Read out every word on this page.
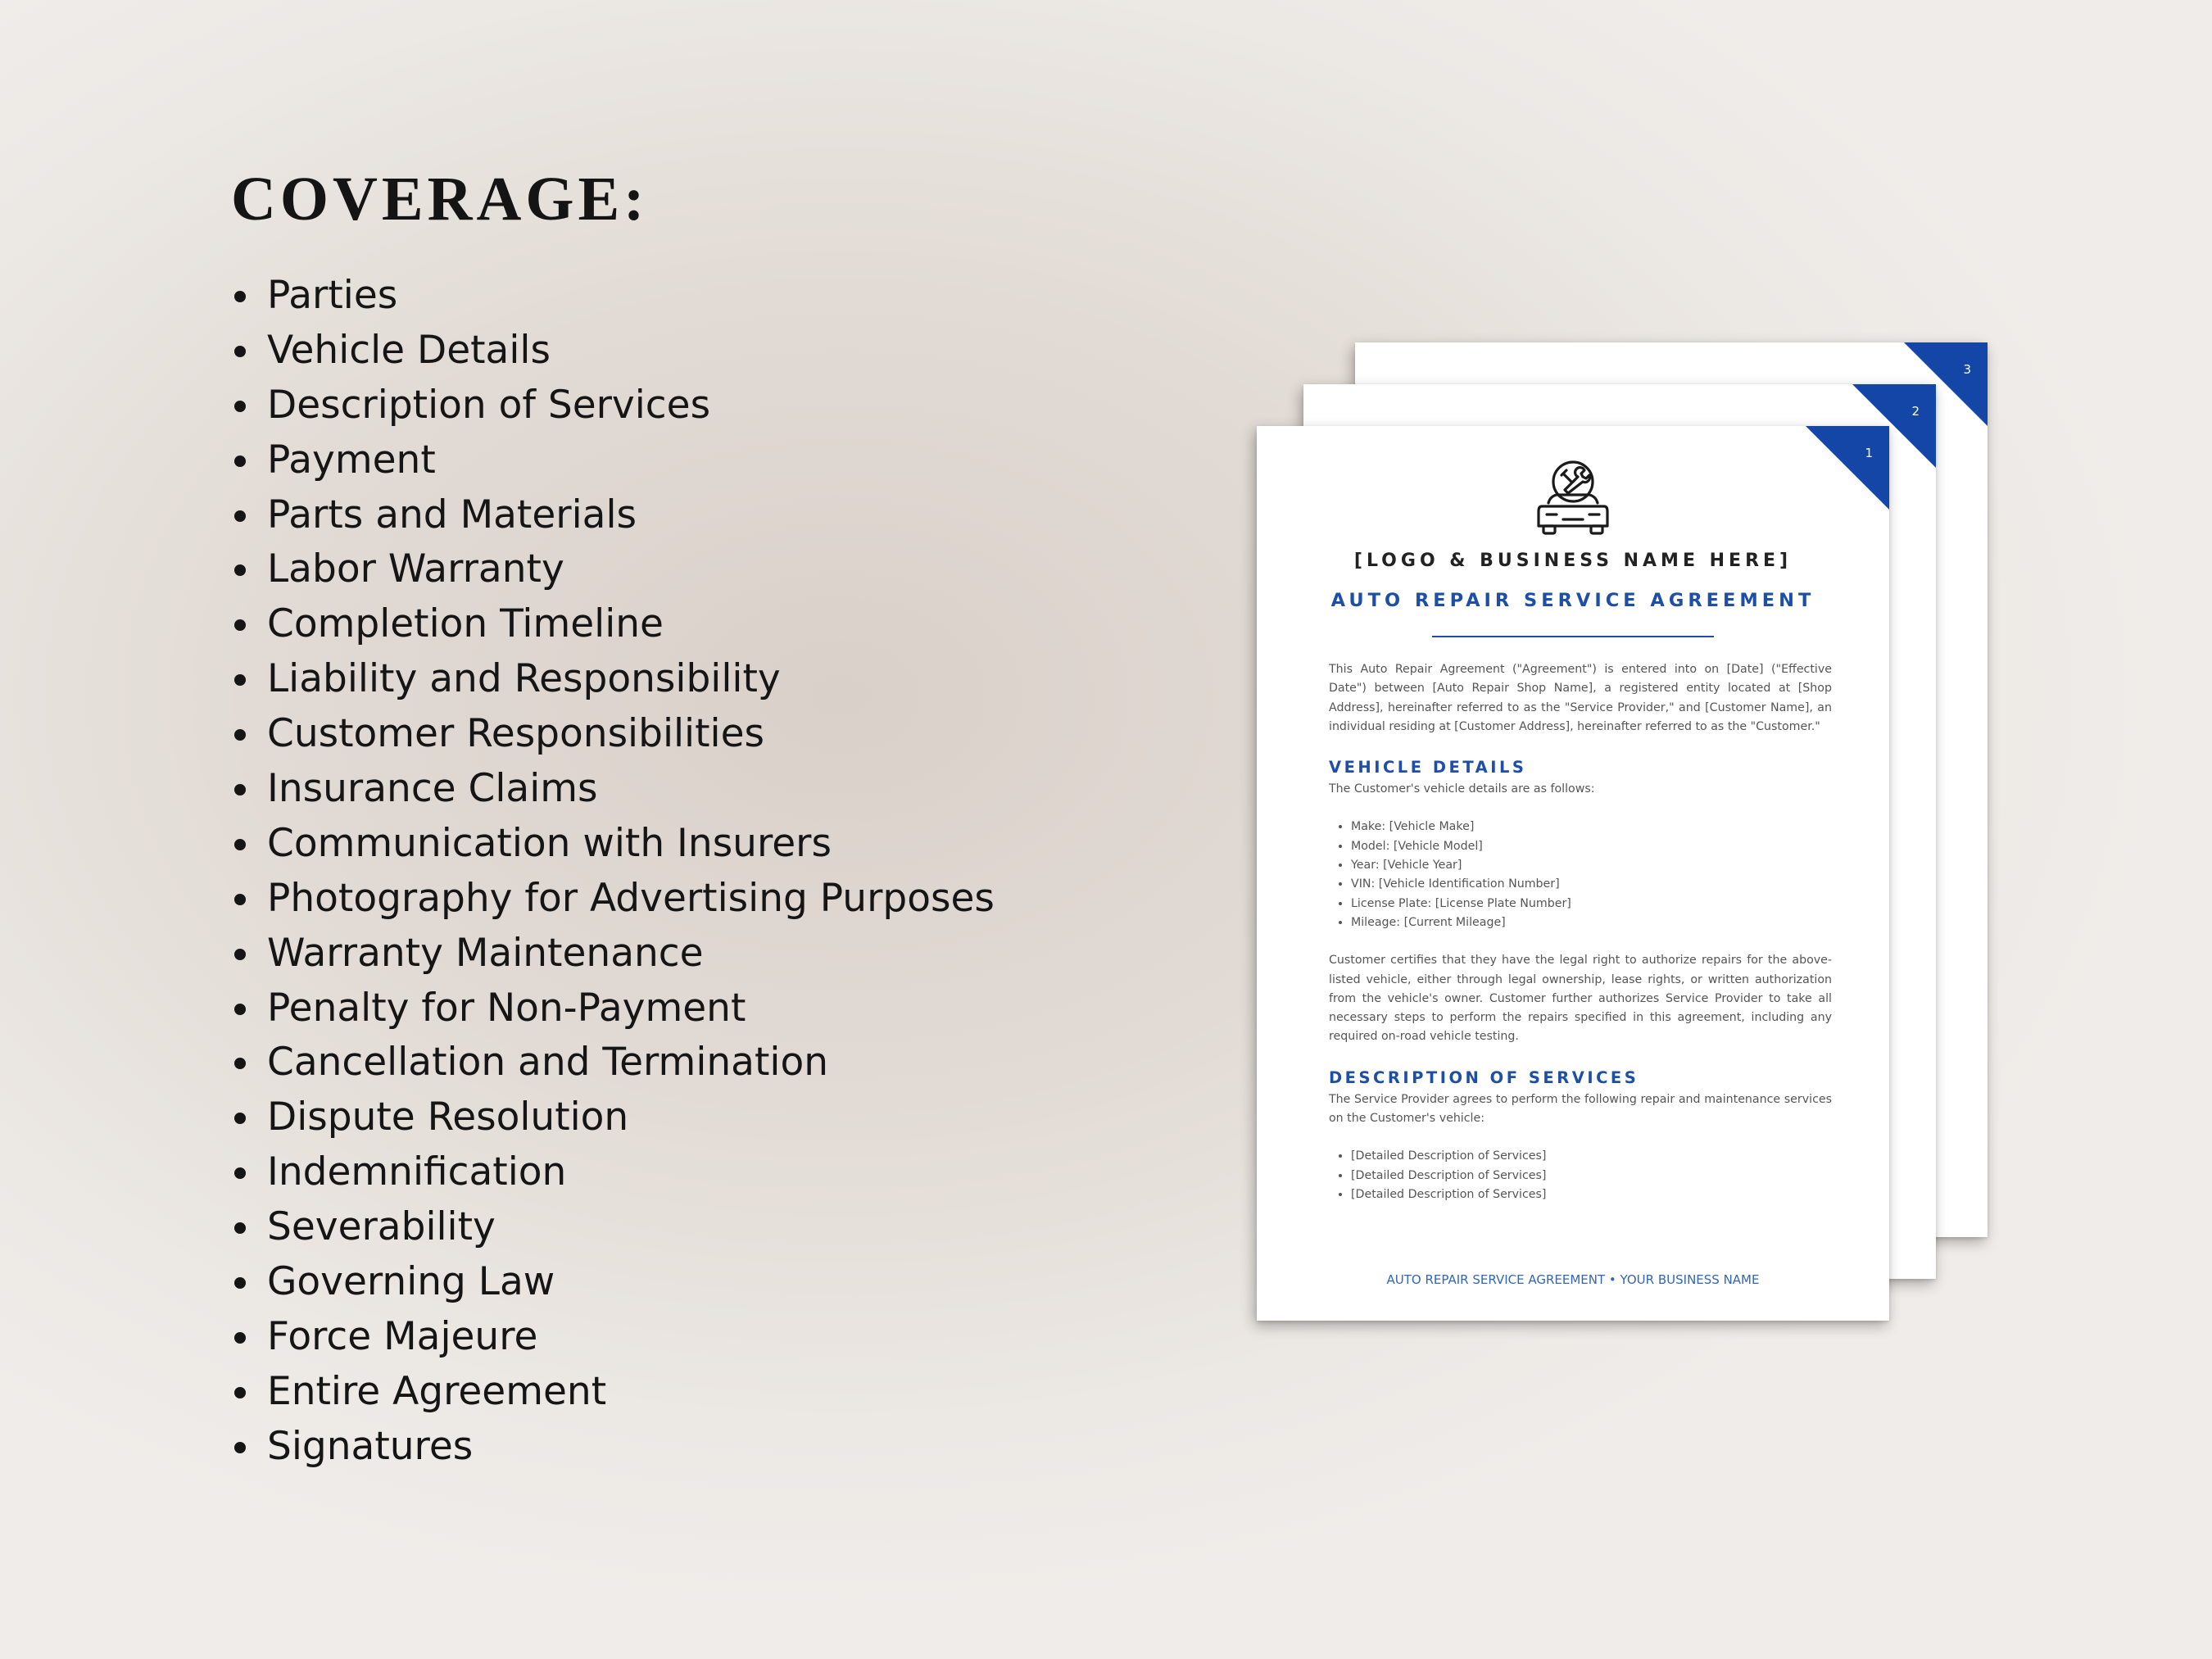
COVERAGE:
Parties
Vehicle Details
Description of Services
Payment
Parts and Materials
Labor Warranty
Completion Timeline
Liability and Responsibility
Customer Responsibilities
Insurance Claims
Communication with Insurers
Photography for Advertising Purposes
Warranty Maintenance
Penalty for Non-Payment
Cancellation and Termination
Dispute Resolution
Indemnification
Severability
Governing Law
Force Majeure
Entire Agreement
Signatures
3
2
1
[LOGO & BUSINESS NAME HERE]
AUTO REPAIR SERVICE AGREEMENT

This Auto Repair Agreement ("Agreement") is entered into on [Date] ("Effective Date") between [Auto Repair Shop Name], a registered entity located at [Shop Address], hereinafter referred to as the "Service Provider," and [Customer Name], an individual residing at [Customer Address], hereinafter referred to as the "Customer."

VEHICLE DETAILS

The Customer's vehicle details are as follows:

• Make: [Vehicle Make]
• Model: [Vehicle Model]
• Year: [Vehicle Year]
• VIN: [Vehicle Identification Number]
• License Plate: [License Plate Number]
• Mileage: [Current Mileage]

Customer certifies that they have the legal right to authorize repairs for the above-listed vehicle, either through legal ownership, lease rights, or written authorization from the vehicle's owner. Customer further authorizes Service Provider to take all necessary steps to perform the repairs specified in this agreement, including any required on-road vehicle testing.

DESCRIPTION OF SERVICES

The Service Provider agrees to perform the following repair and maintenance services on the Customer's vehicle:

• [Detailed Description of Services]
• [Detailed Description of Services]
• [Detailed Description of Services]
AUTO REPAIR SERVICE AGREEMENT • YOUR BUSINESS NAME
